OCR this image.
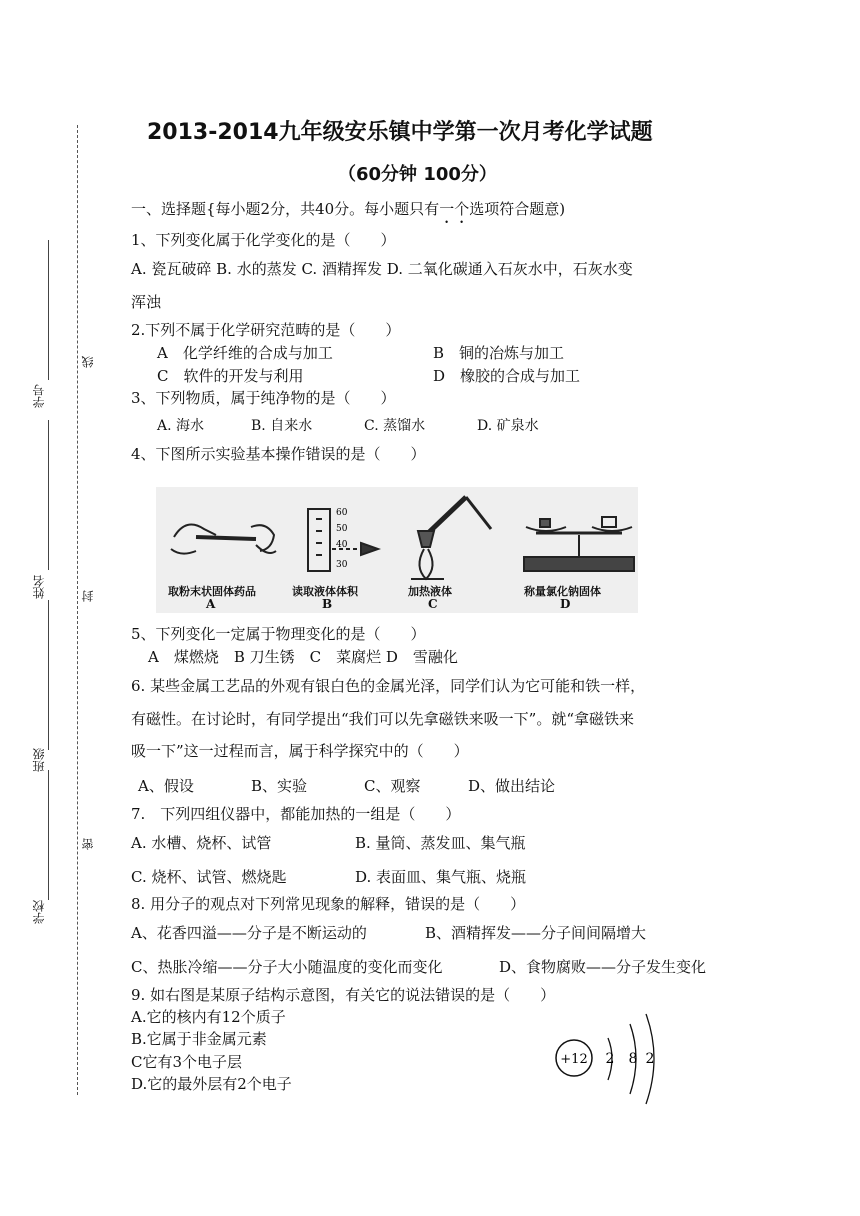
学号
线
姓名	封
班级
密
学校
2013-2014九年级安乐镇中学第一次月考化学试题
（60分钟 100分）
一、选择题{每小题2分，共40分。每小题只有一个选项符合题意)
1、下列变化属于化学变化的是（　　）
A. 瓷瓦破碎 B. 水的蒸发 C. 酒精挥发 D. 二氧化碳通入石灰水中，石灰水变
浑浊
2.下列不属于化学研究范畴的是（　　）
A　化学纤维的合成与加工	B　铜的冶炼与加工
C　软件的开发与利用	D　橡胶的合成与加工
3、下列物质，属于纯净物的是（　　）
A. 海水	B. 自来水	C. 蒸馏水	D. 矿泉水
4、下图所示实验基本操作错误的是（　　）
60
50
40
30
取粉末状固体药品
A
读取液体体积
B
加热液体
C
称量氯化钠固体
D
5、下列变化一定属于物理变化的是（　　）
A　煤燃烧　B 刀生锈　C　菜腐烂 D　雪融化
6. 某些金属工艺品的外观有银白色的金属光泽，同学们认为它可能和铁一样，
有磁性。在讨论时，有同学提出“我们可以先拿磁铁来吸一下”。就“拿磁铁来
吸一下”这一过程而言，属于科学探究中的（　　）
A、假设	B、实验	C、观察	D、做出结论
7.　下列四组仪器中，都能加热的一组是（　　）
A. 水槽、烧杯、试管	B. 量筒、蒸发皿、集气瓶
C. 烧杯、试管、燃烧匙	D. 表面皿、集气瓶、烧瓶
8. 用分子的观点对下列常见现象的解释，错误的是（　　）
A、花香四溢——分子是不断运动的	B、酒精挥发——分子间间隔增大
C、热胀冷缩——分子大小随温度的变化而变化	D、食物腐败——分子发生变化
9. 如右图是某原子结构示意图，有关它的说法错误的是（　　）
A.它的核内有12个质子
B.它属于非金属元素
C它有3个电子层
D.它的最外层有2个电子
+12 2 8 2
